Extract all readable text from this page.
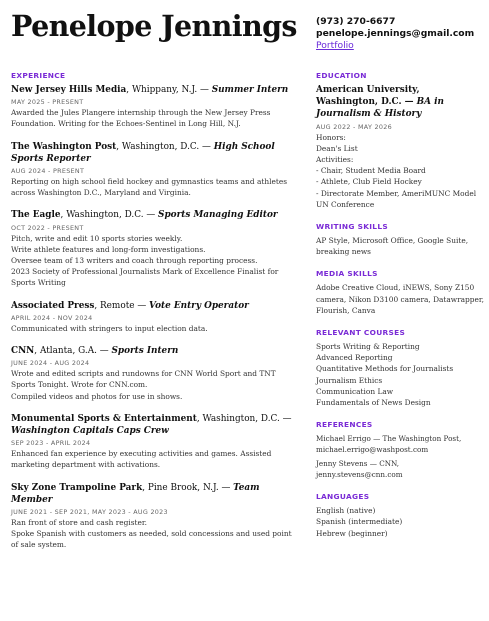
Penelope Jennings (973) 270-6677
penelope.jennings@gmail.com
Portfolio
EXPERIENCE
New Jersey Hills Media, Whippany, N.J. — Summer Intern
MAY 2025 - PRESENT
Awarded the Jules Plangere internship through the New Jersey Press Foundation. Writing for the Echoes-Sentinel in Long Hill, N.J.
The Washington Post, Washington, D.C. — High School Sports Reporter
AUG 2024 - PRESENT
Reporting on high school field hockey and gymnastics teams and athletes across Washington D.C., Maryland and Virginia.
The Eagle, Washington, D.C. — Sports Managing Editor
OCT 2022 - PRESENT
Pitch, write and edit 10 sports stories weekly.
Write athlete features and long-form investigations.
Oversee team of 13 writers and coach through reporting process.
2023 Society of Professional Journalists Mark of Excellence Finalist for Sports Writing
Associated Press, Remote — Vote Entry Operator
APRIL 2024 - NOV 2024
Communicated with stringers to input election data.
CNN, Atlanta, G.A. — Sports Intern
JUNE 2024 - AUG 2024
Wrote and edited scripts and rundowns for CNN World Sport and TNT Sports Tonight. Wrote for CNN.com.
Compiled videos and photos for use in shows.
Monumental Sports & Entertainment, Washington, D.C. — Washington Capitals Caps Crew
SEP 2023 - APRIL 2024
Enhanced fan experience by executing activities and games. Assisted marketing department with activations.
Sky Zone Trampoline Park, Pine Brook, N.J. — Team Member
JUNE 2021 - SEP 2021, MAY 2023 - AUG 2023
Ran front of store and cash register.
Spoke Spanish with customers as needed, sold concessions and used point of sale system.
EDUCATION
American University, Washington, D.C. — BA in Journalism & History
AUG 2022 - MAY 2026
Honors:
Dean's List
Activities:
- Chair, Student Media Board
- Athlete, Club Field Hockey
- Directorate Member, AmeriMUNC Model UN Conference
WRITING SKILLS
AP Style, Microsoft Office, Google Suite, breaking news
MEDIA SKILLS
Adobe Creative Cloud, iNEWS, Sony Z150 camera, Nikon D3100 camera, Datawrapper, Flourish, Canva
RELEVANT COURSES
Sports Writing & Reporting
Advanced Reporting
Quantitative Methods for Journalists
Journalism Ethics
Communication Law
Fundamentals of News Design
REFERENCES
Michael Errigo — The Washington Post, michael.errigo@washpost.com
Jenny Stevens — CNN, jenny.stevens@cnn.com
LANGUAGES
English (native)
Spanish (intermediate)
Hebrew (beginner)
